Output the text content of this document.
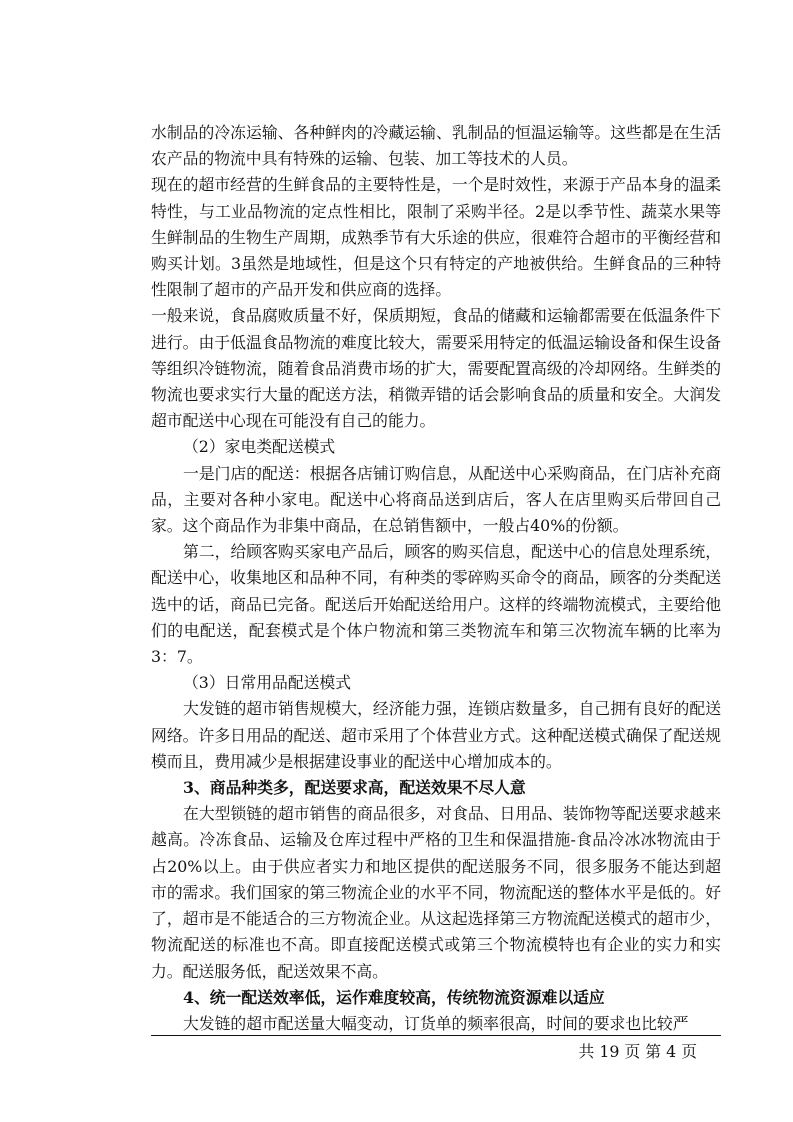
水制品的冷冻运输、各种鲜肉的冷藏运输、乳制品的恒温运输等。这些都是在生活农产品的物流中具有特殊的运输、包装、加工等技术的人员。

现在的超市经营的生鲜食品的主要特性是，一个是时效性，来源于产品本身的温柔特性，与工业品物流的定点性相比，限制了采购半径。2是以季节性、蔬菜水果等生鲜制品的生物生产周期，成熟季节有大乐途的供应，很难符合超市的平衡经营和购买计划。3虽然是地域性，但是这个只有特定的产地被供给。生鲜食品的三种特性限制了超市的产品开发和供应商的选择。

一般来说，食品腐败质量不好，保质期短，食品的储藏和运输都需要在低温条件下进行。由于低温食品物流的难度比较大，需要采用特定的低温运输设备和保生设备等组织冷链物流，随着食品消费市场的扩大，需要配置高级的冷却网络。生鲜类的物流也要求实行大量的配送方法，稍微弄错的话会影响食品的质量和安全。大润发超市配送中心现在可能没有自己的能力。

（2）家电类配送模式

一是门店的配送：根据各店铺订购信息，从配送中心采购商品，在门店补充商品，主要对各种小家电。配送中心将商品送到店后，客人在店里购买后带回自己家。这个商品作为非集中商品，在总销售额中，一般占40%的份额。

第二，给顾客购买家电产品后，顾客的购买信息，配送中心的信息处理系统，配送中心，收集地区和品种不同，有种类的零碎购买命令的商品，顾客的分类配送选中的话，商品已完备。配送后开始配送给用户。这样的终端物流模式，主要给他们的电配送，配套模式是个体户物流和第三类物流车和第三次物流车辆的比率为3：7。

（3）日常用品配送模式

大发链的超市销售规模大，经济能力强，连锁店数量多，自己拥有良好的配送网络。许多日用品的配送、超市采用了个体营业方式。这种配送模式确保了配送规模而且，费用减少是根据建设事业的配送中心增加成本的。

3、商品种类多，配送要求高，配送效果不尽人意

在大型锁链的超市销售的商品很多，对食品、日用品、装饰物等配送要求越来越高。冷冻食品、运输及仓库过程中严格的卫生和保温措施-食品冷冰冰物流由于占20%以上。由于供应者实力和地区提供的配送服务不同，很多服务不能达到超市的需求。我们国家的第三物流企业的水平不同，物流配送的整体水平是低的。好了，超市是不能适合的三方物流企业。从这起选择第三方物流配送模式的超市少，物流配送的标准也不高。即直接配送模式或第三个物流模特也有企业的实力和实力。配送服务低，配送效果不高。

4、统一配送效率低，运作难度较高，传统物流资源难以适应

大发链的超市配送量大幅变动，订货单的频率很高，时间的要求也比较严

共 19 页 第 4 页
